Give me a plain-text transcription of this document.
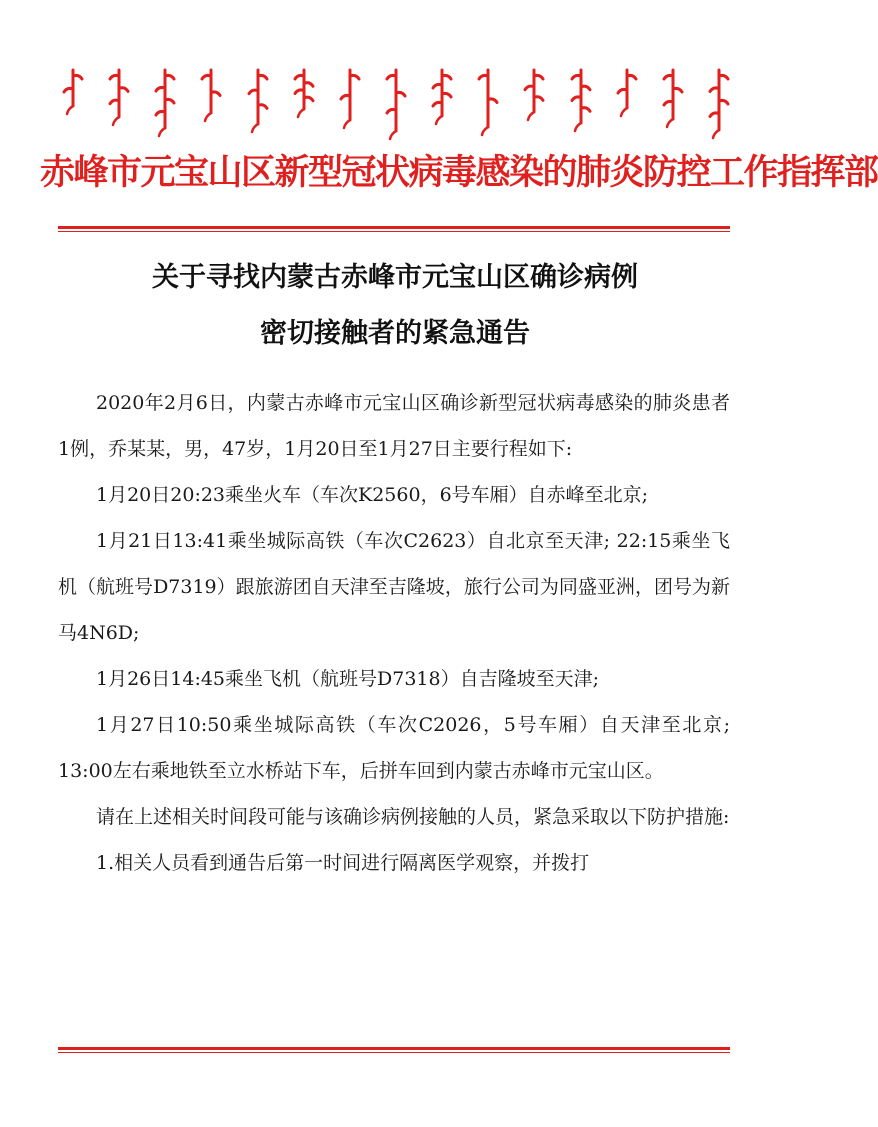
赤峰市元宝山区新型冠状病毒感染的肺炎防控工作指挥部
关于寻找内蒙古赤峰市元宝山区确诊病例
密切接触者的紧急通告

2020年2月6日，内蒙古赤峰市元宝山区确诊新型冠状病毒感染的肺炎患者1例，乔某某，男，47岁，1月20日至1月27日主要行程如下:

1月20日20:23乘坐火车（车次K2560，6号车厢）自赤峰至北京;

1月21日13:41乘坐城际高铁（车次C2623）自北京至天津; 22:15乘坐飞机（航班号D7319）跟旅游团自天津至吉隆坡，旅行公司为同盛亚洲，团号为新马4N6D;

1月26日14:45乘坐飞机（航班号D7318）自吉隆坡至天津;

1月27日10:50乘坐城际高铁（车次C2026，5号车厢）自天津至北京; 13:00左右乘地铁至立水桥站下车，后拼车回到内蒙古赤峰市元宝山区。

请在上述相关时间段可能与该确诊病例接触的人员，紧急采取以下防护措施:

1.相关人员看到通告后第一时间进行隔离医学观察，并拨打
